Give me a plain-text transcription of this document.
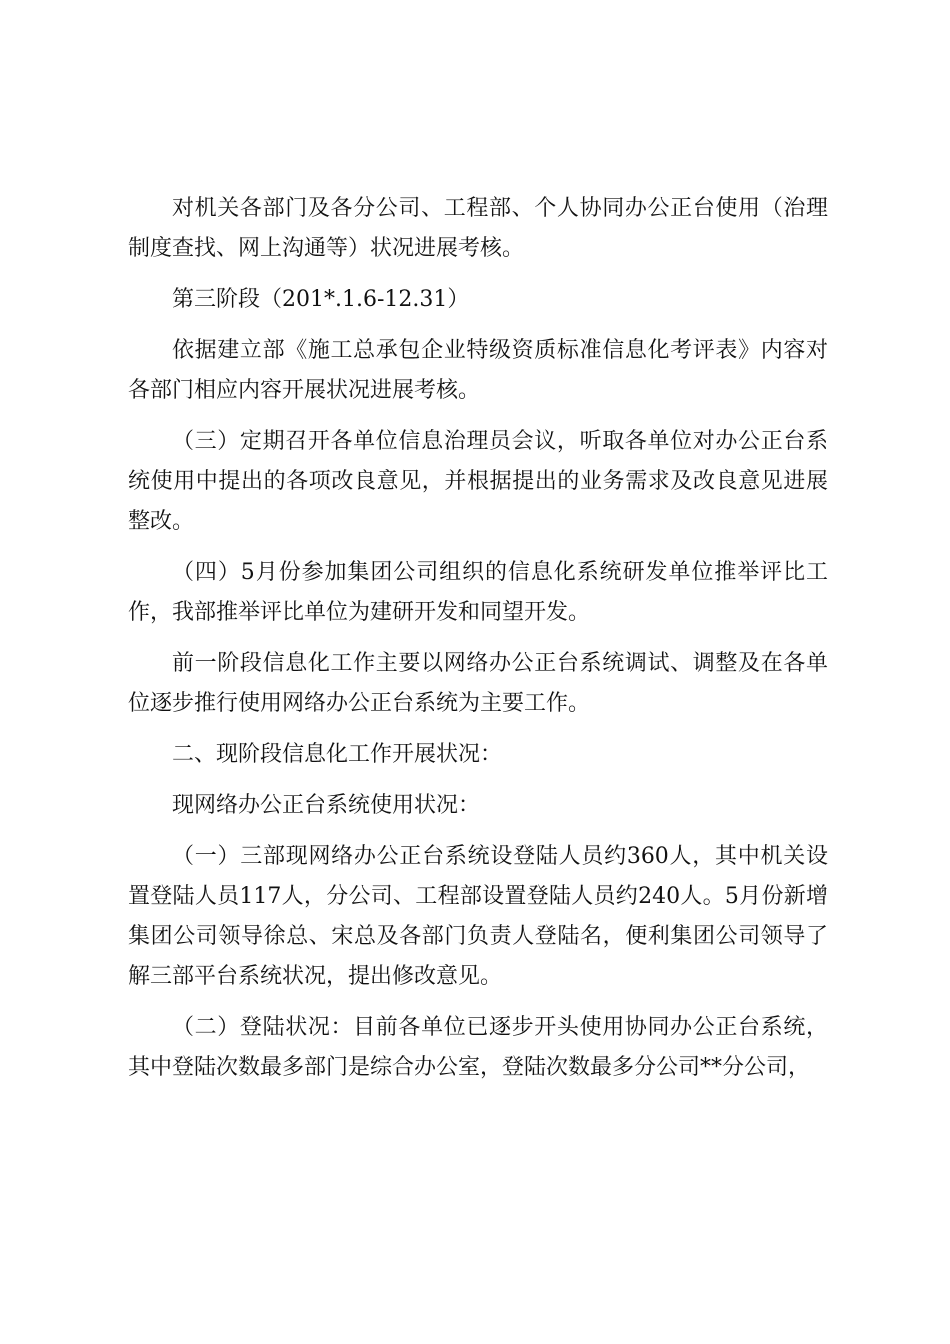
对机关各部门及各分公司、工程部、个人协同办公正台使用（治理制度查找、网上沟通等）状况进展考核。

第三阶段（201*.1.6-12.31）

依据建立部《施工总承包企业特级资质标准信息化考评表》内容对各部门相应内容开展状况进展考核。

（三）定期召开各单位信息治理员会议，听取各单位对办公正台系统使用中提出的各项改良意见，并根据提出的业务需求及改良意见进展整改。

（四）5月份参加集团公司组织的信息化系统研发单位推举评比工作，我部推举评比单位为建研开发和同望开发。

前一阶段信息化工作主要以网络办公正台系统调试、调整及在各单位逐步推行使用网络办公正台系统为主要工作。

二、现阶段信息化工作开展状况：

现网络办公正台系统使用状况：

（一）三部现网络办公正台系统设登陆人员约360人，其中机关设置登陆人员117人，分公司、工程部设置登陆人员约240人。5月份新增集团公司领导徐总、宋总及各部门负责人登陆名，便利集团公司领导了解三部平台系统状况，提出修改意见。

（二）登陆状况：目前各单位已逐步开头使用协同办公正台系统，其中登陆次数最多部门是综合办公室，登陆次数最多分公司**分公司，
